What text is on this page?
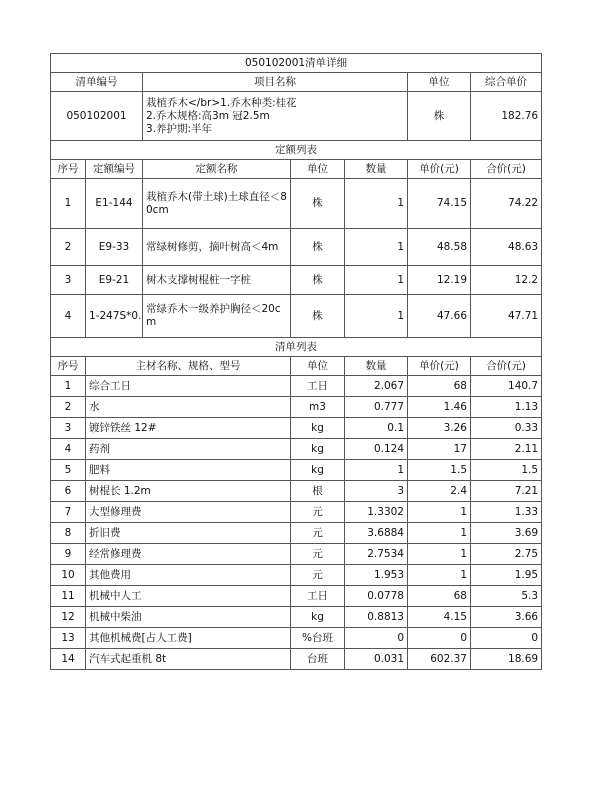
050102001清单详细						
清单编号		项目名称			单位	综合单价
050102001		栽植乔木</br>1.乔木种类:桂花
2.乔木规格:高3m 冠2.5m
3.养护期:半年			株	182.76
定额列表						
序号	定额编号	定额名称	单位	数量	单价(元)	合价(元)
1	E1-144	栽植乔木(带土球)土球直径＜80cm	株	1	74.15	74.22
2	E9-33	常绿树修剪，摘叶树高＜4m	株	1	48.58	48.63
3	E9-21	树木支撑树棍桩一字桩	株	1	12.19	12.2
4	1-247S*0.	常绿乔木一级养护胸径＜20cm	株	1	47.66	47.71
清单列表						
序号	主材名称、规格、型号		单位	数量	单价(元)	合价(元)
1	综合工日		工日	2.067	68	140.7
2	水		m3	0.777	1.46	1.13
3	镀锌铁丝 12#		kg	0.1	3.26	0.33
4	药剂		kg	0.124	17	2.11
5	肥料		kg	1	1.5	1.5
6	树棍长 1.2m		根	3	2.4	7.21
7	大型修理费		元	1.3302	1	1.33
8	折旧费		元	3.6884	1	3.69
9	经常修理费		元	2.7534	1	2.75
10	其他费用		元	1.953	1	1.95
11	机械中人工		工日	0.0778	68	5.3
12	机械中柴油		kg	0.8813	4.15	3.66
13	其他机械费[占人工费]		%台班	0	0	0
14	汽车式起重机 8t		台班	0.031	602.37	18.69
